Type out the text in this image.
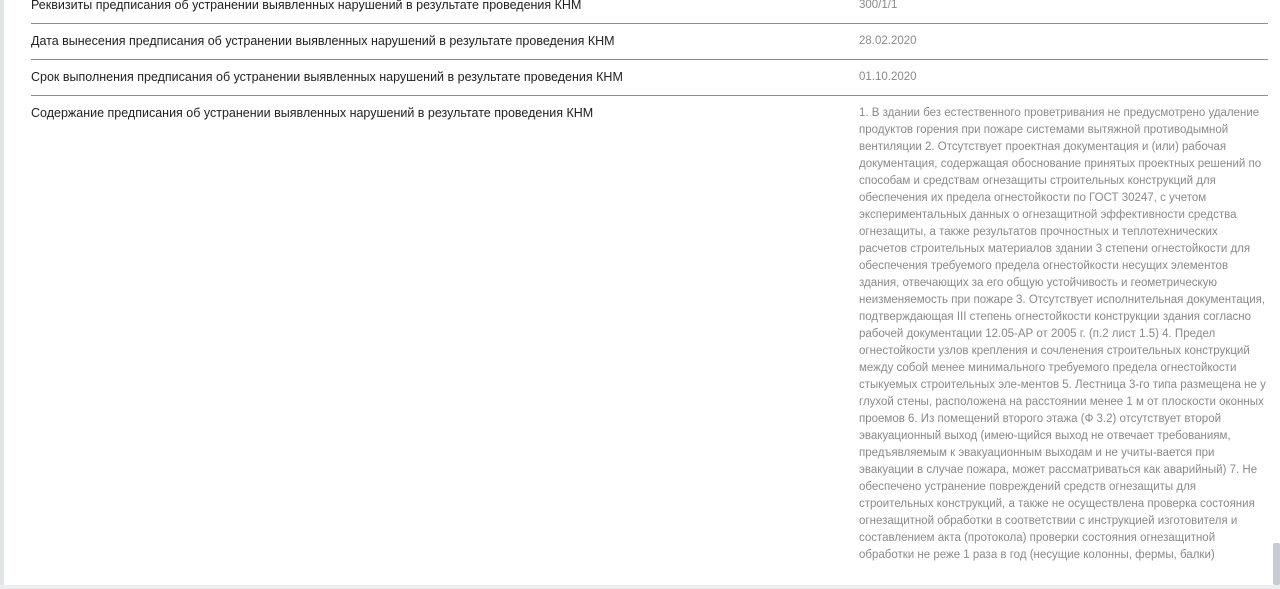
Реквизиты предписания об устранении выявленных нарушений в результате проведения КНМ	300/1/1
Дата вынесения предписания об устранении выявленных нарушений в результате проведения КНМ	28.02.2020
Срок выполнения предписания об устранении выявленных нарушений в результате проведения КНМ	01.10.2020
Содержание предписания об устранении выявленных нарушений в результате проведения КНМ	1. В здании без естественного проветривания не предусмотрено удаление продуктов горения при пожаре системами вытяжной противодымной вентиляции 2. Отсутствует проектная документация и (или) рабочая документация, содержащая обоснование принятых проектных решений по способам и средствам огнезащиты строительных конструкций для обеспечения их предела огнестойкости по ГОСТ 30247, с учетом экспериментальных данных о огнезащитной эффективности средства огнезащиты, а также результатов прочностных и теплотехнических расчетов строительных материалов здании 3 степени огнестойкости для обеспечения требуемого предела огнестойкости несущих элементов здания, отвечающих за его общую устойчивость и геометрическую неизменяемость при пожаре 3. Отсутствует исполнительная документация, подтверждающая III степень огнестойкости конструкции здания согласно рабочей документации 12.05-АР от 2005 г. (п.2 лист 1.5) 4. Предел огнестойкости узлов крепления и сочленения строительных конструкций между собой менее минимального требуемого предела огнестойкости стыкуемых строительных эле-ментов 5. Лестница 3-го типа размещена не у глухой стены, расположена на расстоянии менее 1 м от плоскости оконных проемов 6. Из помещений второго этажа (Ф 3.2) отсутствует второй эвакуационный выход (имею-щийся выход не отвечает требованиям, предъявляемым к эвакуационным выходам и не учиты-вается при эвакуации в случае пожара, может рассматриваться как аварийный) 7. Не обеспечено устранение повреждений средств огнезащиты для строительных конструкций, а также не осуществлена проверка состояния огнезащитной обработки в соответствии с инструкцией изготовителя и составлением акта (протокола) проверки состояния огнезащитной обработки не реже 1 раза в год (несущие колонны, фермы, балки)
